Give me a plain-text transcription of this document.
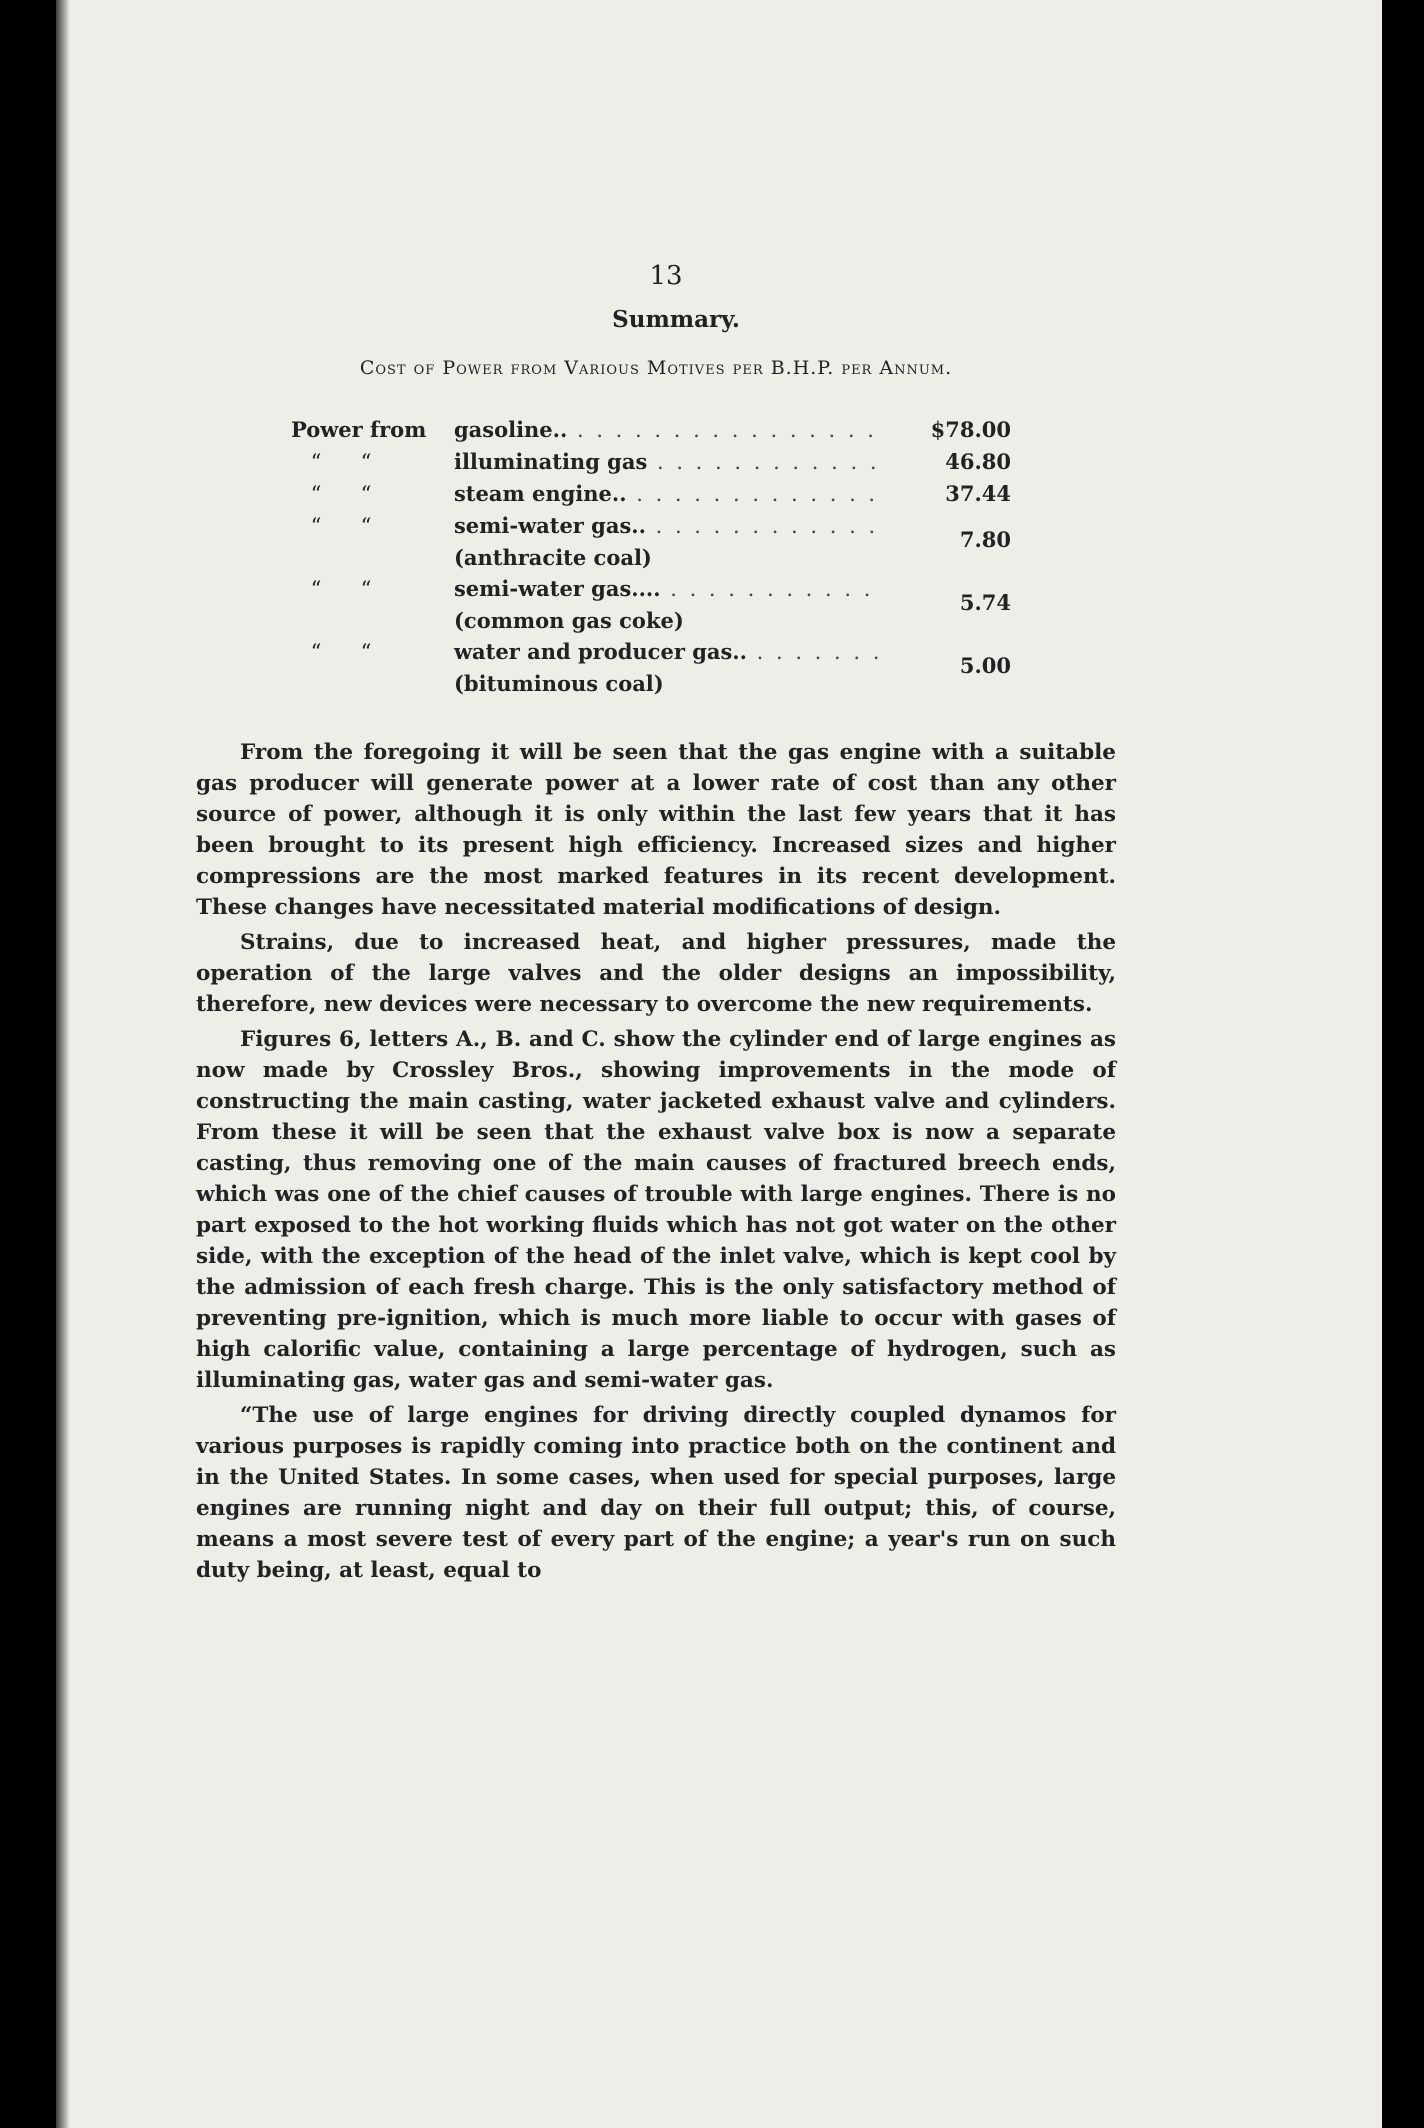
13
Summary.
Cost of Power from Various Motives per B.H.P. per Annum.
Power from	gasoline.. . . . . . . . . . . . . . . . .	$78.00
“ “	illuminating gas . . . . . . . . . . . .	46.80
“ “	steam engine.. . . . . . . . . . . . . .	37.44
“ “	semi-water gas.. . . . . . . . . . . . .
(anthracite coal)	7.80
“ “	semi-water gas.... . . . . . . . . . . .
(common gas coke)	5.74
“ “	water and producer gas.. . . . . . . .
(bituminous coal)	5.00

From the foregoing it will be seen that the gas engine with a suitable gas producer will generate power at a lower rate of cost than any other source of power, although it is only within the last few years that it has been brought to its present high efficiency. Increased sizes and higher compressions are the most marked features in its recent development. These changes have necessitated material modifications of design.

Strains, due to increased heat, and higher pressures, made the operation of the large valves and the older designs an impossibility, therefore, new devices were necessary to overcome the new requirements.

Figures 6, letters A., B. and C. show the cylinder end of large engines as now made by Crossley Bros., showing improvements in the mode of constructing the main casting, water jacketed exhaust valve and cylinders. From these it will be seen that the exhaust valve box is now a separate casting, thus removing one of the main causes of fractured breech ends, which was one of the chief causes of trouble with large engines. There is no part exposed to the hot working fluids which has not got water on the other side, with the exception of the head of the inlet valve, which is kept cool by the admission of each fresh charge. This is the only satisfactory method of preventing pre-ignition, which is much more liable to occur with gases of high calorific value, containing a large percentage of hydrogen, such as illuminating gas, water gas and semi-water gas.

“The use of large engines for driving directly coupled dynamos for various purposes is rapidly coming into practice both on the continent and in the United States. In some cases, when used for special purposes, large engines are running night and day on their full output; this, of course, means a most severe test of every part of the engine; a year's run on such duty being, at least, equal to
